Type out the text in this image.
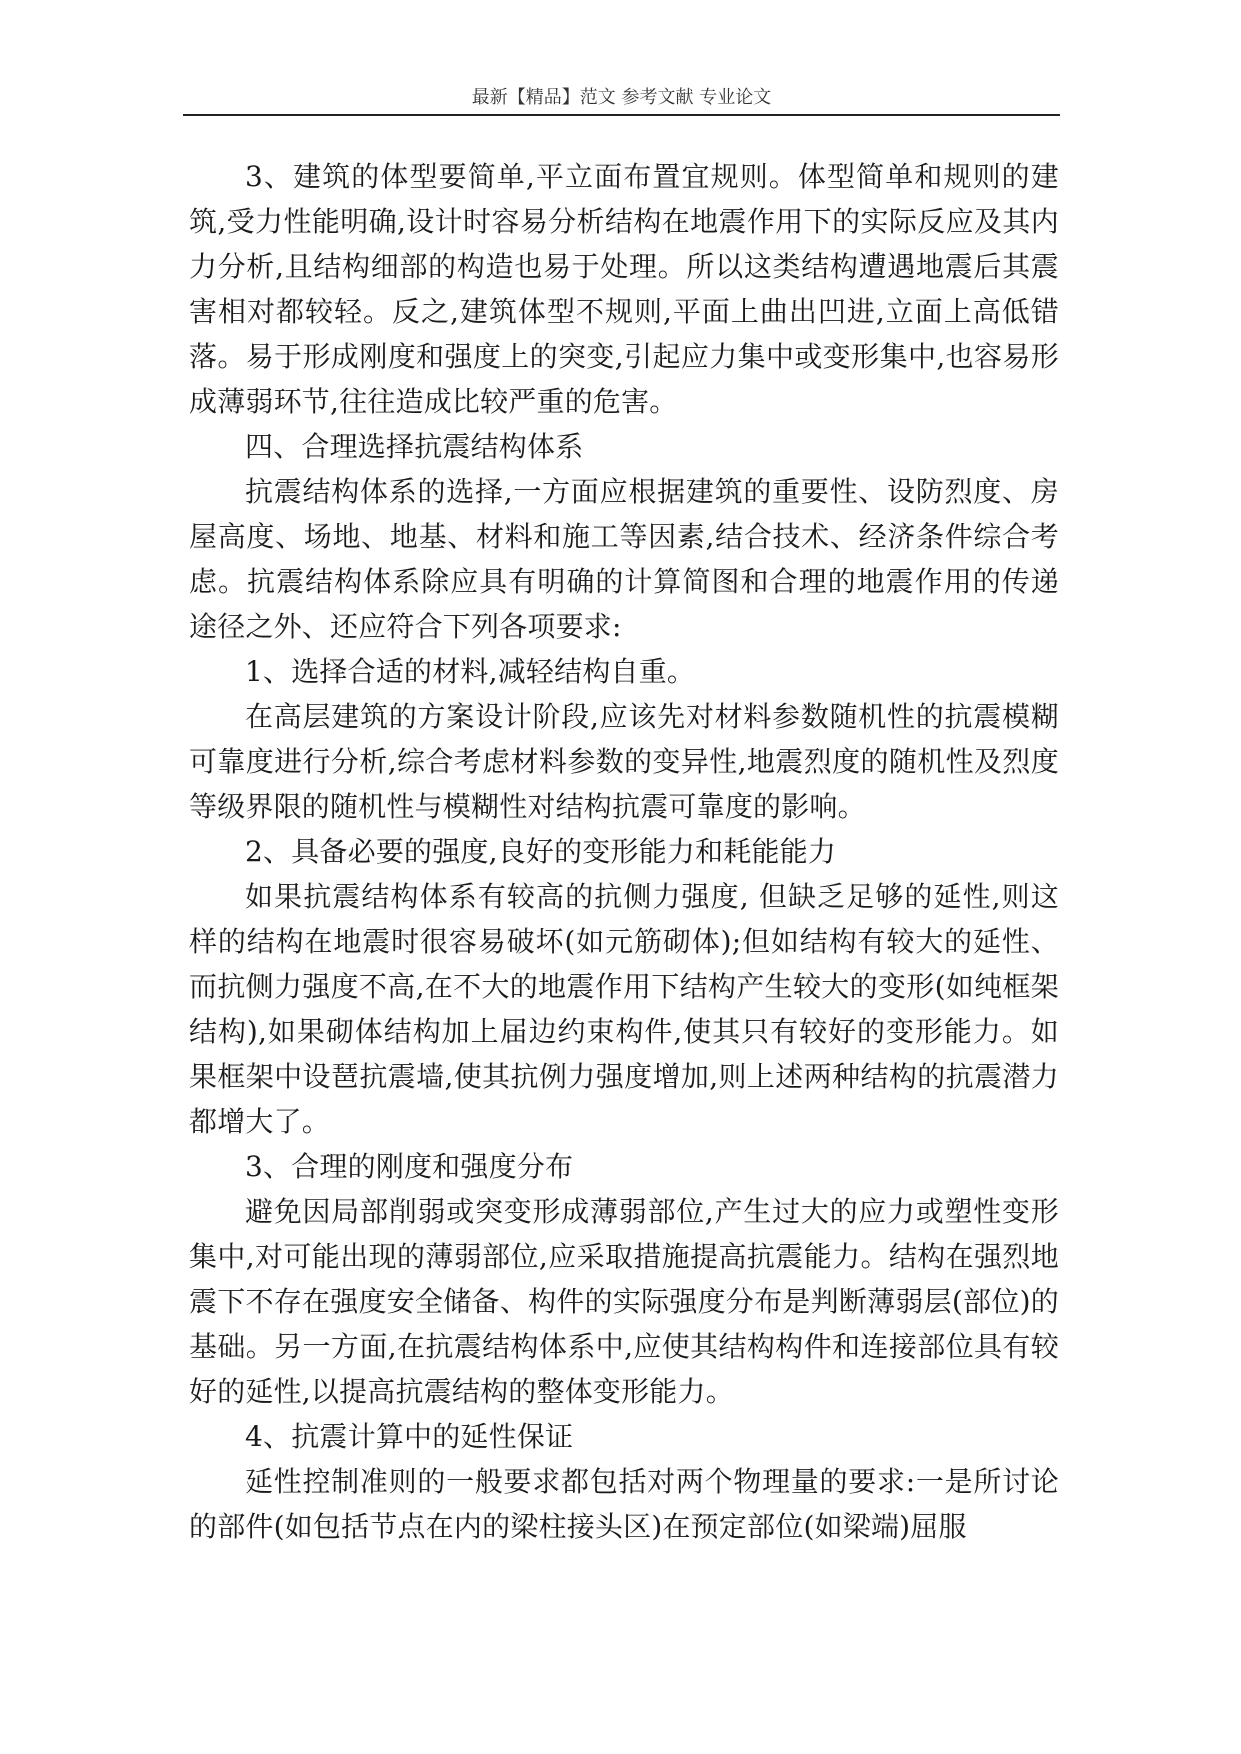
最新【精品】范文 参考文献 专业论文

3、建筑的体型要简单,平立面布置宜规则。体型简单和规则的建筑,受力性能明确,设计时容易分析结构在地震作用下的实际反应及其内力分析,且结构细部的构造也易于处理。所以这类结构遭遇地震后其震害相对都较轻。反之,建筑体型不规则,平面上曲出凹进,立面上高低错落。易于形成刚度和强度上的突变,引起应力集中或变形集中,也容易形成薄弱环节,往往造成比较严重的危害。

四、合理选择抗震结构体系

抗震结构体系的选择,一方面应根据建筑的重要性、设防烈度、房屋高度、场地、地基、材料和施工等因素,结合技术、经济条件综合考虑。抗震结构体系除应具有明确的计算简图和合理的地震作用的传递途径之外、还应符合下列各项要求:

1、选择合适的材料,减轻结构自重。

在高层建筑的方案设计阶段,应该先对材料参数随机性的抗震模糊可靠度进行分析,综合考虑材料参数的变异性,地震烈度的随机性及烈度等级界限的随机性与模糊性对结构抗震可靠度的影响。

2、具备必要的强度,良好的变形能力和耗能能力

如果抗震结构体系有较高的抗侧力强度, 但缺乏足够的延性,则这样的结构在地震时很容易破坏(如元筋砌体);但如结构有较大的延性、而抗侧力强度不高,在不大的地震作用下结构产生较大的变形(如纯框架结构),如果砌体结构加上届边约束构件,使其只有较好的变形能力。如果框架中设琶抗震墙,使其抗例力强度增加,则上述两种结构的抗震潜力都增大了。

3、合理的刚度和强度分布

避免因局部削弱或突变形成薄弱部位,产生过大的应力或塑性变形集中,对可能出现的薄弱部位,应采取措施提高抗震能力。结构在强烈地震下不存在强度安全储备、构件的实际强度分布是判断薄弱层(部位)的基础。另一方面,在抗震结构体系中,应使其结构构件和连接部位具有较好的延性,以提高抗震结构的整体变形能力。

4、抗震计算中的延性保证

延性控制准则的一般要求都包括对两个物理量的要求:一是所讨论的部件(如包括节点在内的梁柱接头区)在预定部位(如梁端)屈服
